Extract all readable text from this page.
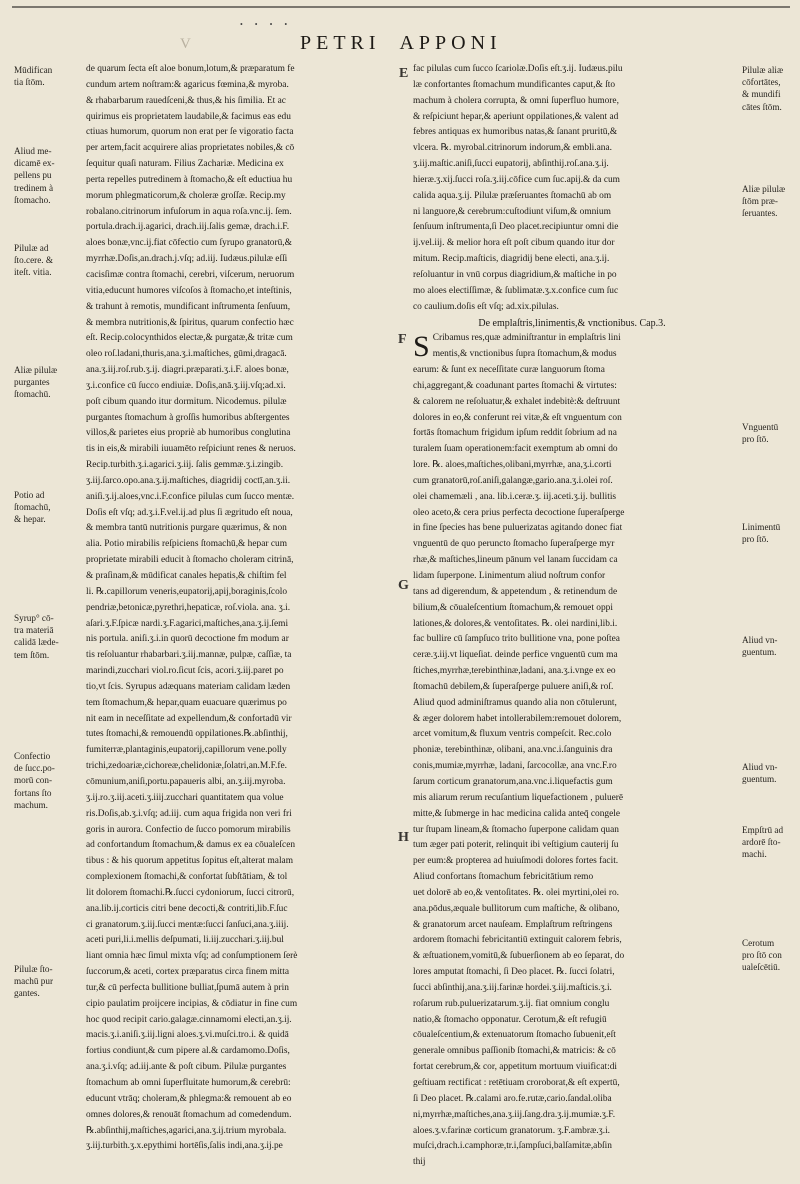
• • • •
V	PETRI APPONI

de quarum ſecta eſt aloe bonum,lotum,& præparatum fe

cundum artem noſtram:& agaricus fœmina,& myroba.

& rhabarbarum rauedſceni,& thus,& his ſimilia. Et ac

quirimus eis proprietatem laudabile,& facimus eas edu

ctiuas humorum, quorum non erat per ſe vigoratio facta

per artem,facit acquirere alias proprietates nobiles,& cō

ſequitur quaſi naturam. Filius Zachariæ. Medicina ex

perta repelles putredinem à ſtomacho,& eſt eductiua hu

morum phlegmaticorum,& choleræ groſſæ. Recip.my

robalano.citrinorum infuſorum in aqua roſa.vnc.ij. ſem.

portula.drach.ij.agarici, drach.iij.ſalis gemæ, drach.i.F.

aloes bonæ,vnc.ij.fiat cōfectio cum ſyrupo granatorū,&

myrrhæ.Doſis,an.drach.j.vſq; ad.iij. Iudæus.pilulæ eſſi

cacisſimæ contra ſtomachi, cerebri, viſcerum, neruorum

vitia,educunt humores viſcoſos à ſtomacho,et inteſtinis,

& trahunt à remotis, mundificant inſtrumenta ſenſuum,

& membra nutritionis,& ſpiritus, quarum confectio hæc

eſt. Recip.colocynthidos electæ,& purgatæ,& tritæ cum

oleo roſ.ladani,thuris,ana.ʒ.i.maſtiches, gūmi,dragacā.

ana.ʒ.iij.roſ.rub.ʒ.ij. diagri.præparati.ʒ.i.F. aloes bonæ,

ʒ.i.confice cū ſucco endiuiæ. Doſis,anā.ʒ.iij.vſq;ad.xi.

poſt cibum quando itur dormitum. Nicodemus. pilulæ

purgantes ſtomachum à groſſis humoribus abſtergentes

villos,& parietes eius propriè ab humoribus conglutina

tis in eis,& mirabili iuuamēto reſpiciunt renes & neruos.

Recip.turbith.ʒ.i.agarici.ʒ.iij. ſalis gemmæ.ʒ.i.zingib.

ʒ.iij.ſarco.opo.ana.ʒ.ij.maſtiches, diagridij coctī,an.ʒ.ii.

aniſi.ʒ.ij.aloes,vnc.i.F.confice pilulas cum ſucco mentæ.

Doſis eſt vſq; ad.ʒ.i.F.vel.ij.ad plus ſi ægritudo eſt noua,

& membra tantū nutritionis purgare quærimus, & non

alia. Potio mirabilis reſpiciens ſtomachū,& hepar cum

proprietate mirabili educit à ſtomacho choleram citrinā,

& praſinam,& mūdificat canales hepatis,& chiſtim fel

li. ℞.capillorum veneris,eupatorij,apij,boraginis,ſcolo

pendriæ,betonicæ,pyrethri,hepaticæ, roſ.viola. ana. ʒ.i.

aſari.ʒ.F.ſpicæ nardi.ʒ.F.agarici,maſtiches,ana.ʒ.ij.ſemi

nis portula. aniſi.ʒ.i.in quorū decoctione fm modum ar

tis reſoluantur rhabarbari.ʒ.iij.mannæ, pulpæ, caſſiæ, ta

marindi,zucchari viol.ro.ſicut ſcis, acori.ʒ.iij.paret po

tio,vt ſcis. Syrupus adæquans materiam calidam læden

tem ſtomachum,& hepar,quam euacuare quærimus po

nit eam in neceſſitate ad expellendum,& confortadū vir

tutes ſtomachi,& remouendū oppilationes.℞.abſinthij,

fumiterræ,plantaginis,eupatorij,capillorum vene.polly

trichi,zedoariæ,cichoreæ,chelidoniæ,ſolatri,an.M.F.fe.

cōmunium,aniſi,portu.papaueris albi, an.ʒ.iij.myroba.

ʒ.ij.ro.ʒ.iij.aceti.ʒ.iiij.zucchari quantitatem qua volue

ris.Doſis,ab.ʒ.i.vſq; ad.iij. cum aqua frigida non veri fri

goris in aurora. Confectio de ſucco pomorum mirabilis

ad confortandum ſtomachum,& damus ex ea cōualeſcen

tibus : & his quorum appetitus ſopitus eſt,alterat malam

complexionem ſtomachi,& confortat ſubſtātiam, & tol

lit dolorem ſtomachi.℞.ſucci cydoniorum, ſucci citrorū,

ana.lib.ij.corticis citri bene decocti,& contriti,lib.F.ſuc

ci granatorum.ʒ.iij.ſucci mentæ:ſucci ſanſuci,ana.ʒ.iiij.

aceti puri,li.i.mellis deſpumati, li.iij.zucchari.ʒ.iij.bul

liant omnia hæc ſimul mixta vſq; ad conſumptionem ſerè

ſuccorum,& aceti, cortex præparatus circa finem mitta

tur,& cū perfecta bullitione bulliat,ſpumā autem à prin

cipio paulatim proijcere incipias, & cōdiatur in fine cum

hoc quod recipit cario.galagæ.cinnamomi electi,an.ʒ.ij.

macis.ʒ.i.aniſi.ʒ.iij.ligni aloes.ʒ.vi.muſci.tro.i. & quidā

fortius condiunt,& cum pipere al.& cardamomo.Doſis,

ana.ʒ.i.vſq; ad.iij.ante & poſt cibum. Pilulæ purgantes

ſtomachum ab omni ſuperfluitate humorum,& cerebrū:

educunt vtrāq; choleram,& phlegma:& remouent ab eo

omnes dolores,& renouāt ſtomachum ad comedendum.

℞.abſinthij,maſtiches,agarici,ana.ʒ.ij.trium myrobala.

ʒ.iij.turbith.ʒ.x.epythimi hortēſis,ſalis indi,ana.ʒ.ij.pe

fac pilulas cum ſucco ſcariolæ.Doſis eſt.ʒ.ij. Iudæus.pilu

læ confortantes ſtomachum mundificantes caput,& ſto

machum à cholera corrupta, & omni ſuperfluo humore,

& reſpiciunt hepar,& aperiunt oppilationes,& valent ad

febres antiquas ex humoribus natas,& ſanant pruritū,&

vlcera. ℞. myrobal.citrinorum indorum,& embli.ana.

ʒ.iij.maſtic.aniſi,ſucci eupatorij, abſinthij.roſ.ana.ʒ.ij.

hieræ.ʒ.xij.ſucci roſa.ʒ.iij.cōfice cum ſuc.apij.& da cum

calida aqua.ʒ.ij. Pilulæ præſeruantes ſtomachū ab om

ni languore,& cerebrum:cuſtodiunt viſum,& omnium

ſenſuum inſtrumenta,ſi Deo placet.recipiuntur omni die

ij.vel.iij. & melior hora eſt poſt cibum quando itur dor

mitum. Recip.maſticis, diagridij bene electi, ana.ʒ.ij.

reſoluantur in vnū corpus diagridium,& maſtiche in po

mo aloes electiſſimæ, & ſublimatæ.ʒ.x.confice cum ſuc

co caulium.doſis eſt vſq; ad.xix.pilulas.

De emplaſtris,linimentis,& vnctionibus. Cap.3.

S Cribamus res,quæ adminiſtrantur in emplaſtris lini

mentis,& vnctionibus ſupra ſtomachum,& modus

earum: & ſunt ex neceſſitate curæ languorum ſtoma

chi,aggregant,& coadunant partes ſtomachi & virtutes:

& calorem ne reſoluatur,& exhalet indebitè:& deſtruunt

dolores in eo,& conferunt rei vitæ,& eſt vnguentum con

fortās ſtomachum frigidum ipſum reddit ſobrium ad na

turalem ſuam operationem:facit exemptum ab omni do

lore. ℞. aloes,maſtiches,olibani,myrrhæ, ana,ʒ.i.corti

cum granatorū,roſ.aniſi,galangæ,gario.ana.ʒ.i.olei roſ.

olei chamemæli , ana. lib.i.ceræ.ʒ. iij.aceti.ʒ.ij. bullitis

oleo aceto,& cera prius perfecta decoctione ſuperaſperge

in fine ſpecies has bene puluerizatas agitando donec fiat

vnguentū de quo peruncto ſtomacho ſuperaſperge myr

rhæ,& maſtiches,lineum pānum vel lanam ſuccidam ca

lidam ſuperpone. Linimentum aliud noſtrum confor

tans ad digerendum, & appetendum , & retinendum de

bilium,& cōualeſcentium ſtomachum,& remouet oppi

lationes,& dolores,& ventoſitates. ℞. olei nardini,lib.i.

fac bullire cū ſampſuco trito bullitione vna, pone poſtea

ceræ.ʒ.iij.vt liqueſiat. deinde perfice vnguentū cum ma

ſtiches,myrrhæ,terebinthinæ,ladani, ana.ʒ.i.vnge ex eo

ſtomachū debilem,& ſuperaſperge puluere aniſi,& roſ.

Aliud quod adminiſtramus quando alia non cōtulerunt,

& æger dolorem habet intollerabilem:remouet dolorem,

arcet vomitum,& fluxum ventris compeſcit. Rec.colo

phoniæ, terebinthinæ, olibani, ana.vnc.i.ſanguinis dra

conis,mumiæ,myrrhæ, ladani, ſarcocollæ, ana vnc.F.ro

ſarum corticum granatorum,ana.vnc.i.liquefactis gum

mis aliarum rerum recuſantium liquefactionem , puluerē

mitte,& ſubmerge in hac medicina calida anteq̄ congele

tur ſtupam lineam,& ſtomacho ſuperpone calidam quan

tum æger pati poterit, relinquit ibi veſtigium cauterij ſu

per eum:& propterea ad huiuſmodi dolores fortes facit.

Aliud confortans ſtomachum febricitātium remo

uet dolorē ab eo,& ventoſitates. ℞. olei myrtini,olei ro.

ana.pōdus,æquale bullitorum cum maſtiche, & olibano,

& granatorum arcet nauſeam. Emplaſtrum reſtringens

ardorem ſtomachi febricitantiū extinguit calorem febris,

& æſtuationem,vomitū,& ſubuerſionem ab eo ſeparat, do

lores amputat ſtomachi, ſi Deo placet. ℞. ſucci ſolatri,

ſucci abſinthij,ana.ʒ.iij.farinæ hordei.ʒ.iij.maſticis.ʒ.i.

roſarum rub.puluerizatarum.ʒ.ij. fiat omnium conglu

natio,& ſtomacho opponatur. Cerotum,& eſt refugiū

cōualeſcentium,& extenuatorum ſtomacho ſubuenit,eſt

generale omnibus paſſionib ſtomachi,& matricis: & cō

fortat cerebrum,& cor, appetitum mortuum viuificat:di

geſtiuam rectificat : retētiuam croroborat,& eſt expertū,

ſi Deo placet. ℞.calami aro.fe.rutæ,cario.ſandal.oliba

ni,myrrhæ,maſtiches,ana.ʒ.iij.ſang.dra.ʒ.ij.mumiæ.ʒ.F.

aloes.ʒ.v.farinæ corticum granatorum. ʒ.F.ambræ.ʒ.i.

muſci,drach.i.camphoræ,tr.i,ſampſuci,balſamitæ,abſin

thij

Mūdifican

tia ſtōm.

Aliud me-

dicamē ex-

pellens pu

tredinem à

ſtomacho.

Pilulæ ad

ſto.cere. &

iteſt. vitia.

Aliæ pilulæ

purgantes

ſtomachū.

Potio ad

ſtomachū,

& hepar.

Syrup° cō-

tra materiā

calidā læde-

tem ſtōm.

Confectio

de ſucc.po-

morū con-

fortans ſto

machum.

Pilulæ ſto-

machū pur

gantes.

Pilulæ aliæ

cōfortātes,

& mundifi

cātes ſtōm.

Aliæ pilulæ

ſtōm præ-

ſeruantes.

Vnguentū

pro ſtō.

Linimentū

pro ſtō.

Aliud vn-

guentum.

Aliud vn-

guentum.

Eṃpſtrū ad

ardorē ſto-

machi.

Cerotum

pro ſtō con

ualeſcētiū.

E
F
G
H
